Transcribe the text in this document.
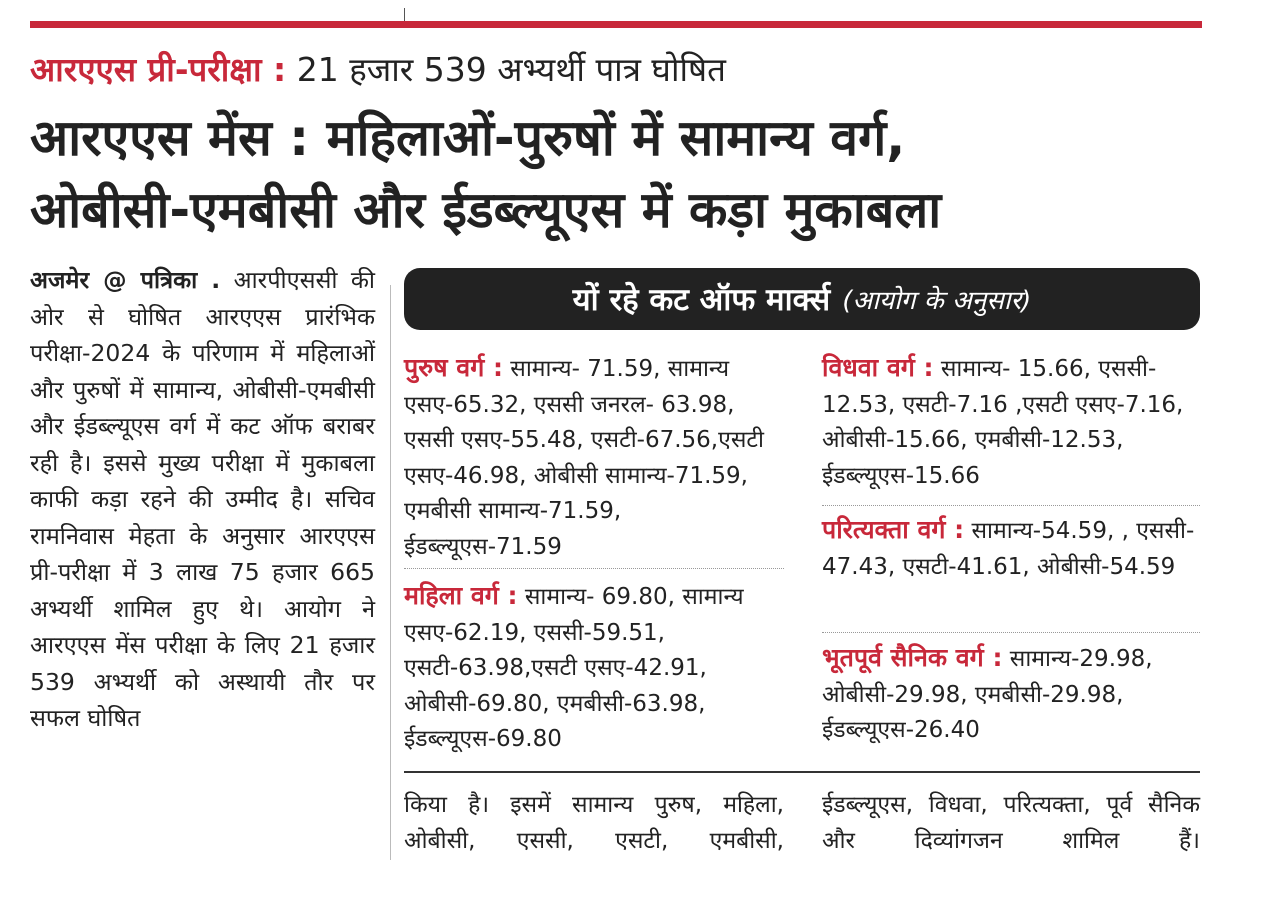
आरएएस प्री-परीक्षा : 21 हजार 539 अभ्यर्थी पात्र घोषित
आरएएस मेंस : महिलाओं-पुरुषों में सामान्य वर्ग,
ओबीसी-एमबीसी और ईडब्ल्यूएस में कड़ा मुकाबला
अजमेर @ पत्रिका . आरपीएससी की ओर से घोषित आरएएस प्रारंभिक परीक्षा-2024 के परिणाम में महिलाओं और पुरुषों में सामान्य, ओबीसी-एमबीसी और ईडब्ल्यूएस वर्ग में कट ऑफ बराबर रही है। इससे मुख्य परीक्षा में मुकाबला काफी कड़ा रहने की उम्मीद है। सचिव रामनिवास मेहता के अनुसार आरएएस प्री-परीक्षा में 3 लाख 75 हजार 665 अभ्यर्थी शामिल हुए थे। आयोग ने आरएएस मेंस परीक्षा के लिए 21 हजार 539 अभ्यर्थी को अस्थायी तौर पर सफल घोषित
यों रहे कट ऑफ मार्क्स (आयोग के अनुसार)
पुरुष वर्ग : सामान्य- 71.59, सामान्य एसए-65.32, एससी जनरल- 63.98, एससी एसए-55.48, एसटी-67.56,एसटी एसए-46.98, ओबीसी सामान्य-71.59, एमबीसी सामान्य-71.59, ईडब्ल्यूएस-71.59
महिला वर्ग : सामान्य- 69.80, सामान्य एसए-62.19, एससी-59.51, एसटी-63.98,एसटी एसए-42.91, ओबीसी-69.80, एमबीसी-63.98, ईडब्ल्यूएस-69.80
विधवा वर्ग : सामान्य- 15.66, एससी- 12.53, एसटी-7.16 ,एसटी एसए-7.16, ओबीसी-15.66, एमबीसी-12.53, ईडब्ल्यूएस-15.66
परित्यक्ता वर्ग : सामान्य-54.59, , एससी- 47.43, एसटी-41.61, ओबीसी-54.59
भूतपूर्व सैनिक वर्ग : सामान्य-29.98, ओबीसी-29.98, एमबीसी-29.98, ईडब्ल्यूएस-26.40
किया है। इसमें सामान्य पुरुष, महिला, ओबीसी, एससी, एसटी, एमबीसी,
ईडब्ल्यूएस, विधवा, परित्यक्ता, पूर्व सैनिक और दिव्यांगजन शामिल हैं।
